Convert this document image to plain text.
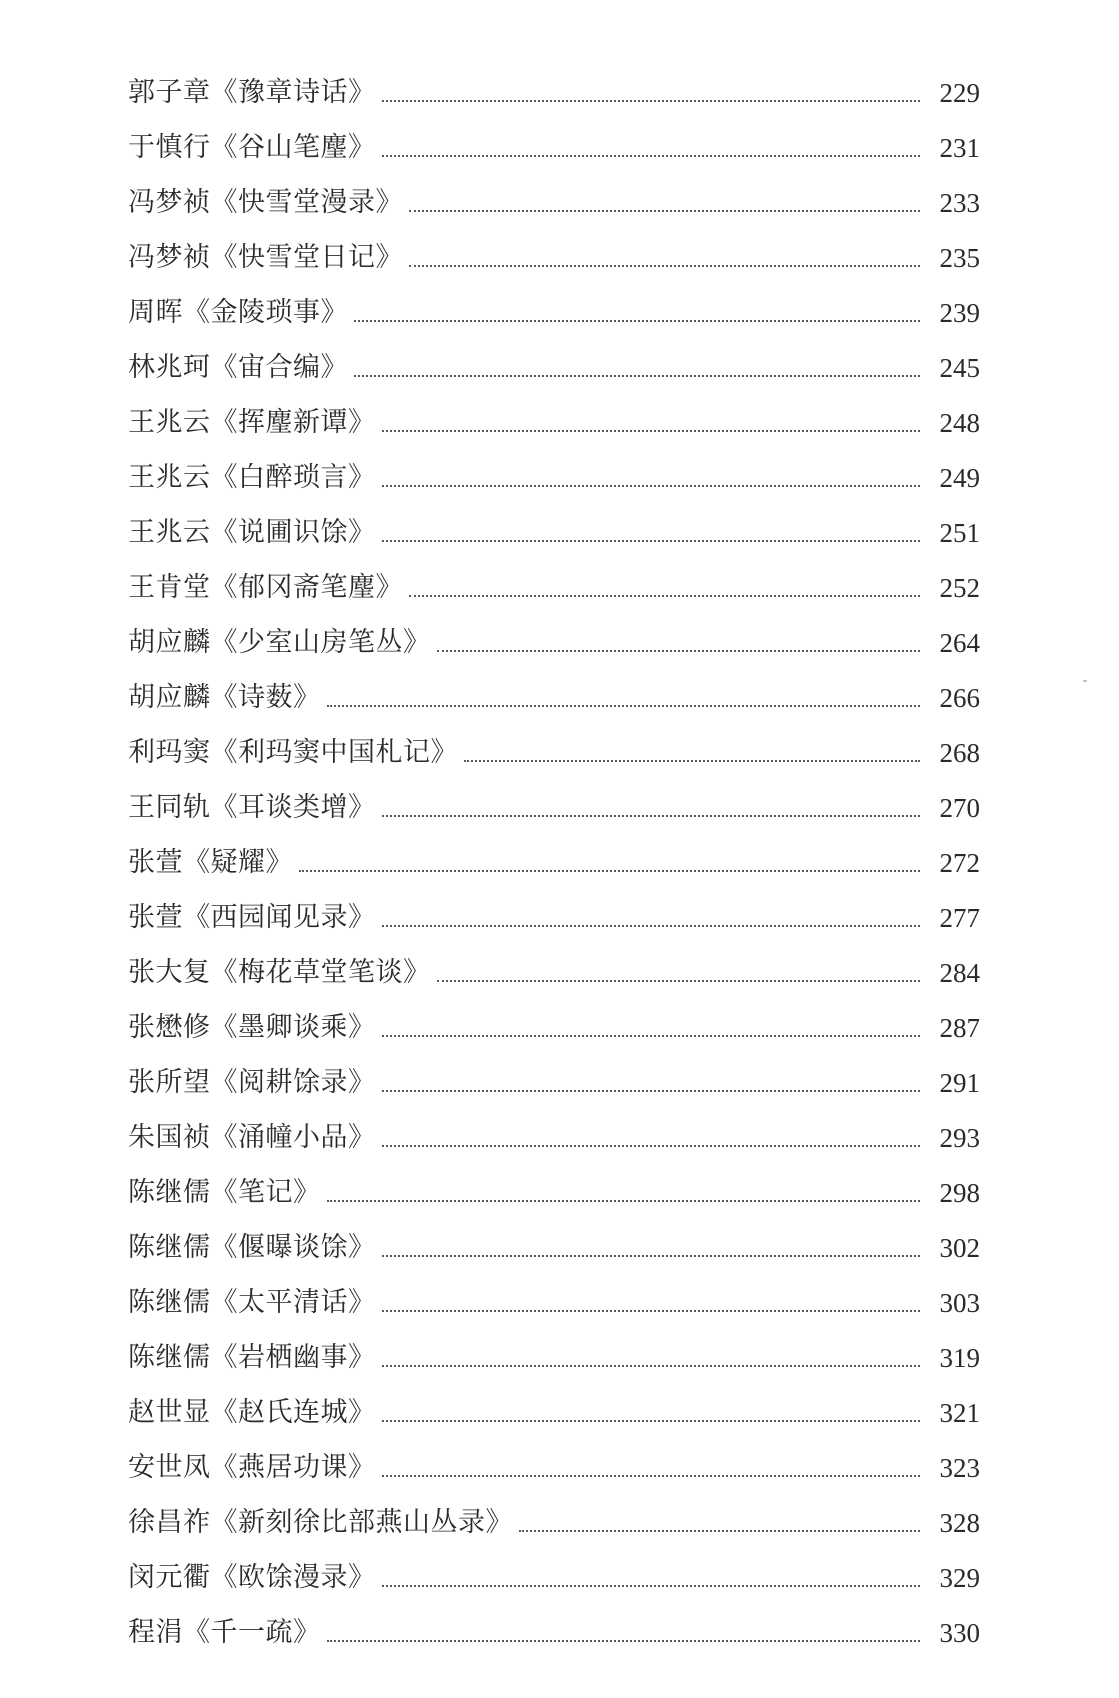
郭子章《豫章诗话》	229
于慎行《谷山笔麈》	231
冯梦祯《快雪堂漫录》	233
冯梦祯《快雪堂日记》	235
周晖《金陵琐事》	239
林兆珂《宙合编》	245
王兆云《挥麈新谭》	248
王兆云《白醉琐言》	249
王兆云《说圃识馀》	251
王肯堂《郁冈斋笔麈》	252
胡应麟《少室山房笔丛》	264
胡应麟《诗薮》	266
利玛窦《利玛窦中国札记》	268
王同轨《耳谈类增》	270
张萱《疑耀》	272
张萱《西园闻见录》	277
张大复《梅花草堂笔谈》	284
张懋修《墨卿谈乘》	287
张所望《阅耕馀录》	291
朱国祯《涌幢小品》	293
陈继儒《笔记》	298
陈继儒《偃曝谈馀》	302
陈继儒《太平清话》	303
陈继儒《岩栖幽事》	319
赵世显《赵氏连城》	321
安世凤《燕居功课》	323
徐昌祚《新刻徐比部燕山丛录》	328
闵元衢《欧馀漫录》	329
程涓《千一疏》	330
